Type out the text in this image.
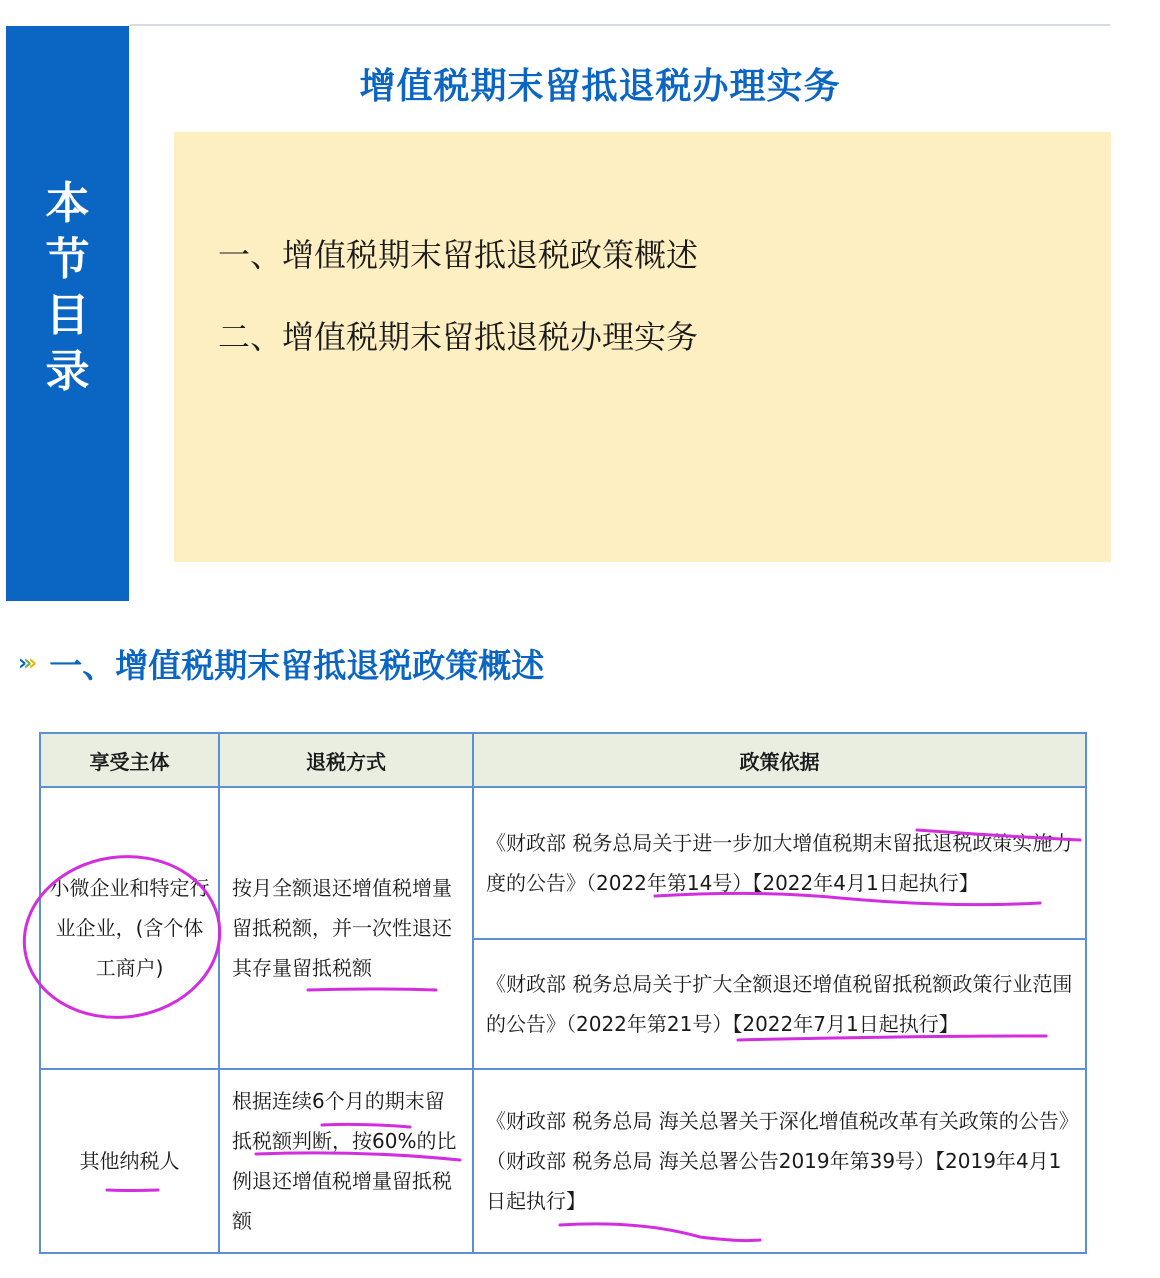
本
节
目
录
增值税期末留抵退税办理实务
一、增值税期末留抵退税政策概述
二、增值税期末留抵退税办理实务
› › › 一、增值税期末留抵退税政策概述
享受主体	退税方式	政策依据
小微企业和特定行业企业，(含个体工商户)	按月全额退还增值税增量留抵税额，并一次性退还其存量留抵税额	《财政部 税务总局关于进一步加大增值税期末留抵退税政策实施力度的公告》（2022年第14号）【2022年4月1日起执行】
		《财政部 税务总局关于扩大全额退还增值税留抵税额政策行业范围的公告》（2022年第21号）【2022年7月1日起执行】
其他纳税人	根据连续6个月的期末留抵税额判断，按60%的比例退还增值税增量留抵税额	《财政部 税务总局 海关总署关于深化增值税改革有关政策的公告》（财政部 税务总局 海关总署公告2019年第39号）【2019年4月1日起执行】
